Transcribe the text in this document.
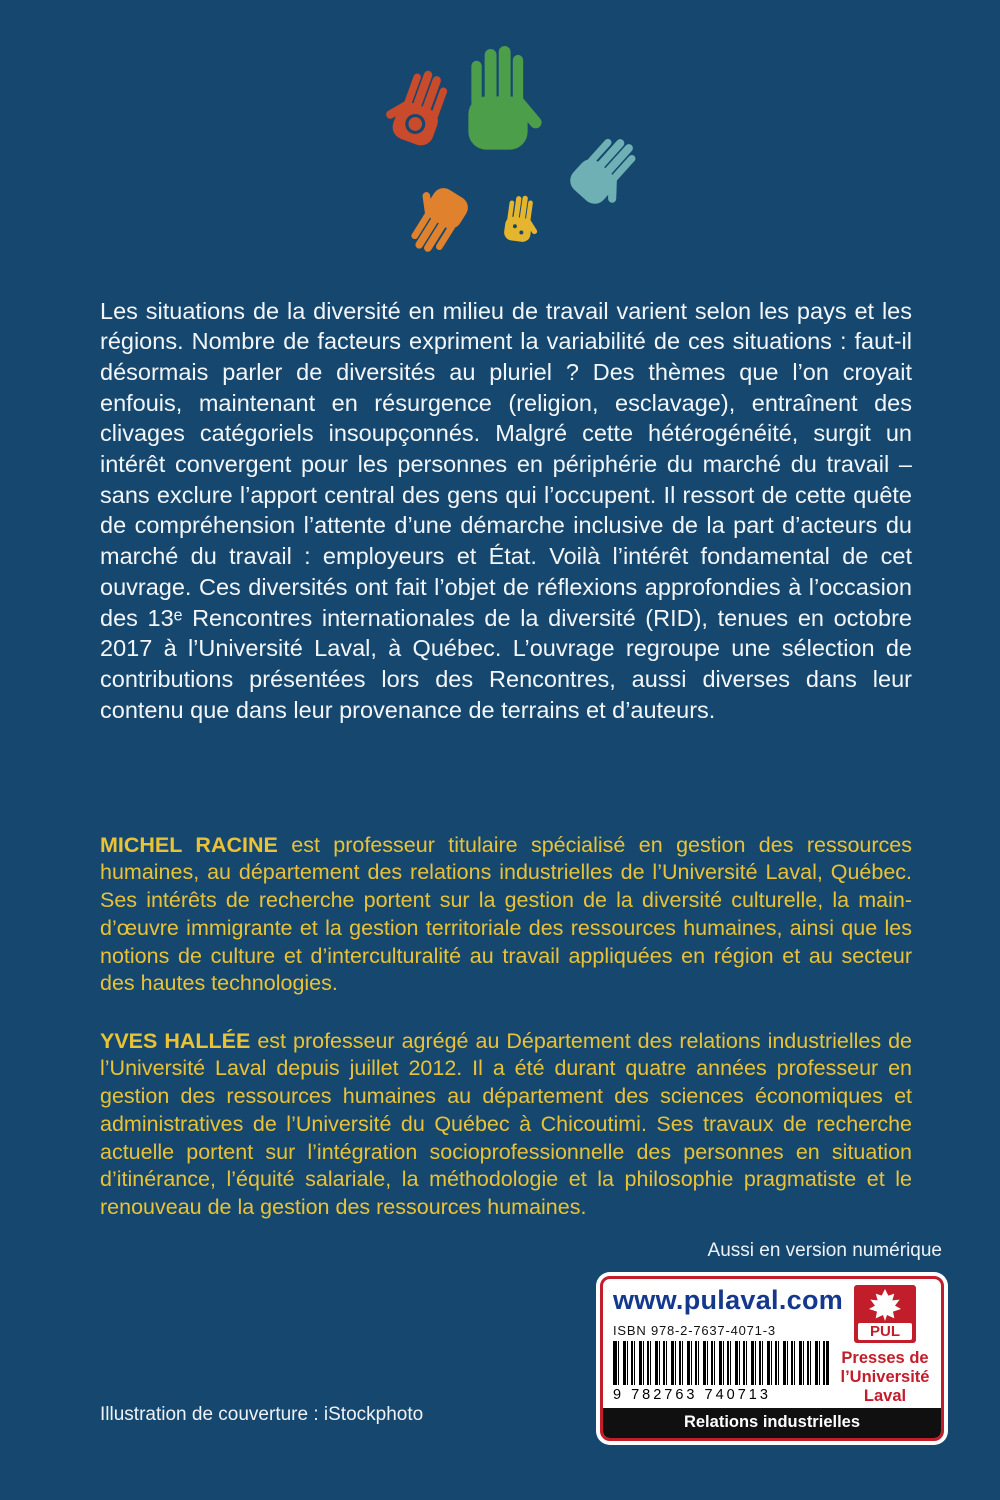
Les situations de la diversité en milieu de travail varient selon les pays et les régions. Nombre de facteurs expriment la variabilité de ces situations : faut-il désormais parler de diversités au pluriel ? Des thèmes que l’on croyait enfouis, maintenant en résurgence (religion, esclavage), entraînent des clivages catégoriels insoupçonnés. Malgré cette hétérogénéité, surgit un intérêt convergent pour les personnes en périphérie du marché du travail – sans exclure l’apport central des gens qui l’occupent. Il ressort de cette quête de compréhension l’attente d’une démarche inclusive de la part d’acteurs du marché du travail : employeurs et État. Voilà l’intérêt fondamental de cet ouvrage. Ces diversités ont fait l’objet de réflexions approfondies à l’occasion des 13ᵉ Rencontres internationales de la diversité (RID), tenues en octobre 2017 à l’Université Laval, à Québec. L’ouvrage regroupe une sélection de contributions présentées lors des Rencontres, aussi diverses dans leur contenu que dans leur provenance de terrains et d’auteurs.

MICHEL RACINE est professeur titulaire spécialisé en gestion des ressources humaines, au département des relations industrielles de l’Université Laval, Québec. Ses intérêts de recherche portent sur la gestion de la diversité culturelle, la main-d’œuvre immigrante et la gestion territoriale des ressources humaines, ainsi que les notions de culture et d’interculturalité au travail appliquées en région et au secteur des hautes technologies.

YVES HALLÉE est professeur agrégé au Département des relations industrielles de l’Université Laval depuis juillet 2012. Il a été durant quatre années professeur en gestion des ressources humaines au département des sciences économiques et administratives de l’Université du Québec à Chicoutimi. Ses travaux de recherche actuelle portent sur l’intégration socioprofessionnelle des personnes en situation d’itinérance, l’équité salariale, la méthodologie et la philosophie pragmatiste et le renouveau de la gestion des ressources humaines.

Aussi en version numérique
www.pulaval.com
ISBN 978-2-7637-4071-3
9 782763 740713
PUL
Presses de
l’Université
Laval
Relations industrielles
Illustration de couverture : iStockphoto
